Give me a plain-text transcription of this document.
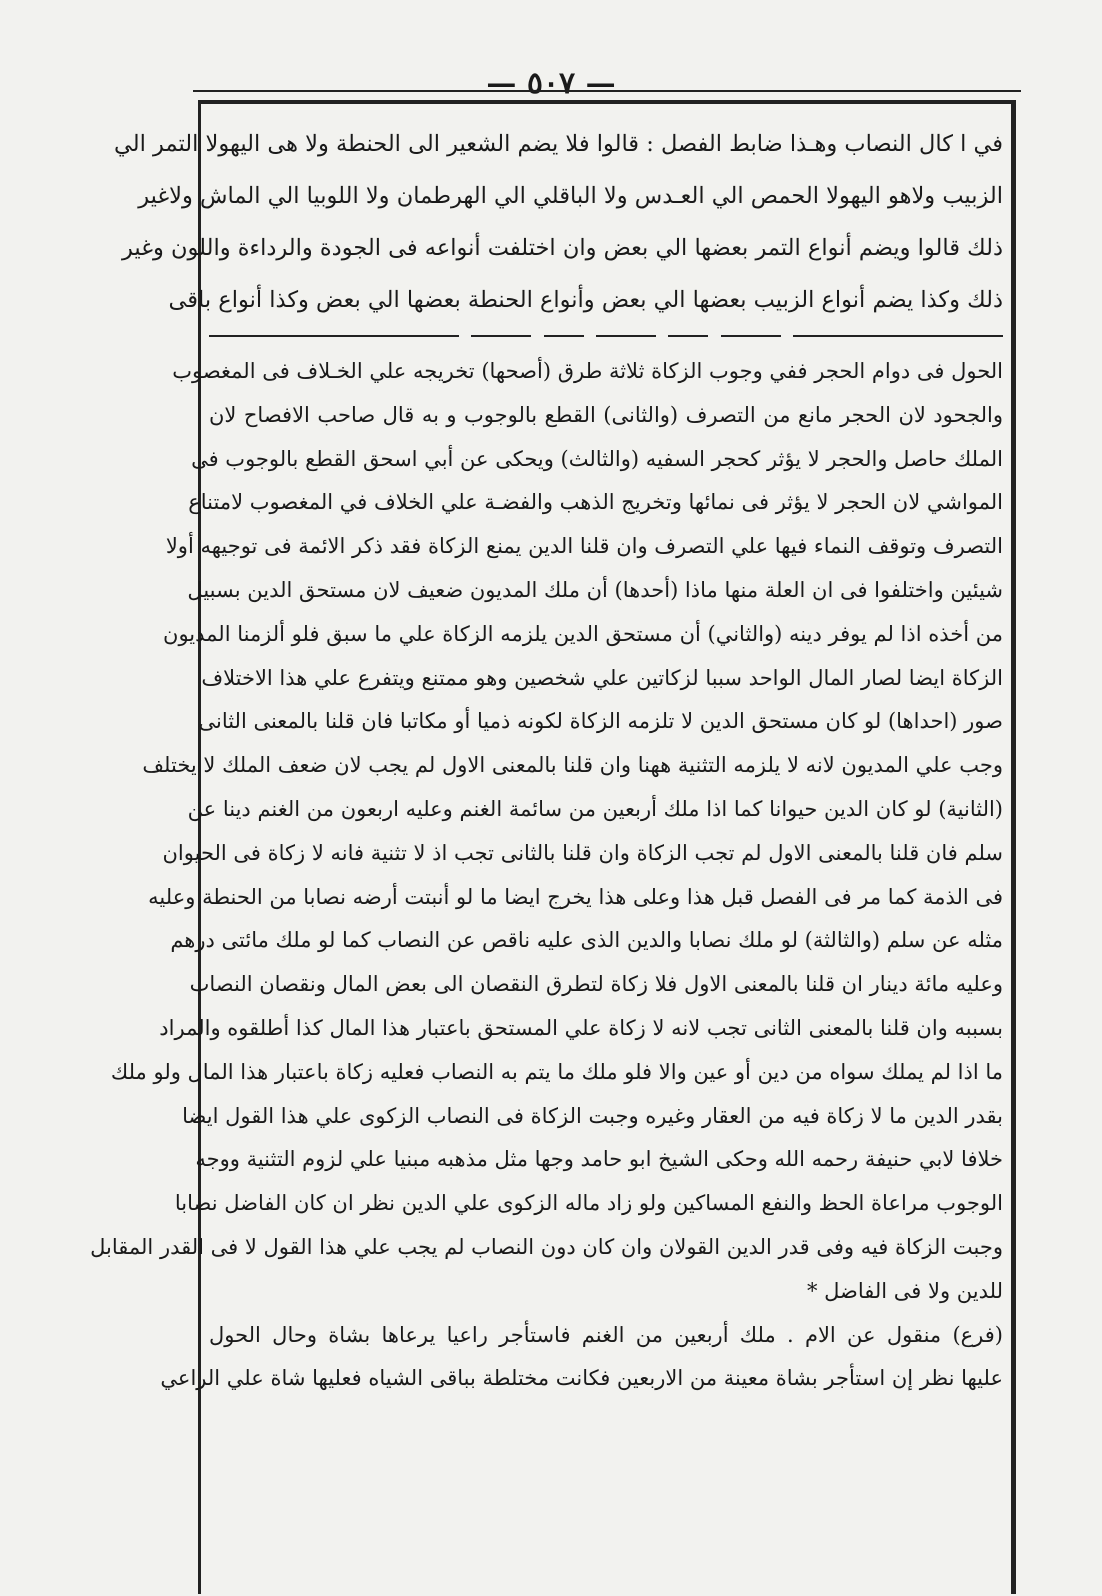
— ٥٠٧ —
في ا كال النصاب وهـذا ضابط الفصل : قالوا فلا يضم الشعير الى الحنطة ولا هى اليهولا التمر الي
الزبيب ولاهو اليهولا الحمص الي العـدس ولا الباقلي الي الهرطمان ولا اللوبيا الي الماش ولاغير
ذلك قالوا ويضم أنواع التمر بعضها الي بعض وان اختلفت أنواعه فى الجودة والرداءة واللون وغير
ذلك وكذا يضم أنواع الزبيب بعضها الي بعض وأنواع الحنطة بعضها الي بعض وكذا أنواع باقى
الحول فى دوام الحجر ففي وجوب الزكاة ثلاثة طرق (أصحها) تخريجه علي الخـلاف فى المغصوب
والجحود لان الحجر مانع من التصرف (والثانى) القطع بالوجوب و به قال صاحب الافصاح لان
الملك حاصل والحجر لا يؤثر كحجر السفيه (والثالث) ويحكى عن أبي اسحق القطع بالوجوب فى
المواشي لان الحجر لا يؤثر فى نمائها وتخريج الذهب والفضـة علي الخلاف في المغصوب لامتناع
التصرف وتوقف النماء فيها علي التصرف وان قلنا الدين يمنع الزكاة فقد ذكر الائمة فى توجيهه أولا
شيئين واختلفوا فى ان العلة منها ماذا (أحدها) أن ملك المديون ضعيف لان مستحق الدين بسبيل
من أخذه اذا لم يوفر دينه (والثاني) أن مستحق الدين يلزمه الزكاة علي ما سبق فلو ألزمنا المديون
الزكاة ايضا لصار المال الواحد سببا لزكاتين علي شخصين وهو ممتنع ويتفرع علي هذا الاختلاف
صور (احداها) لو كان مستحق الدين لا تلزمه الزكاة لكونه ذميا أو مكاتبا فان قلنا بالمعنى الثانى
وجب علي المديون لانه لا يلزمه التثنية ههنا وان قلنا بالمعنى الاول لم يجب لان ضعف الملك لا يختلف
(الثانية) لو كان الدين حيوانا كما اذا ملك أربعين من سائمة الغنم وعليه اربعون من الغنم دينا عن
سلم فان قلنا بالمعنى الاول لم تجب الزكاة وان قلنا بالثانى تجب اذ لا تثنية فانه لا زكاة فى الحيوان
فى الذمة كما مر فى الفصل قبل هذا وعلى هذا يخرج ايضا ما لو أنبتت أرضه نصابا من الحنطة وعليه
مثله عن سلم (والثالثة) لو ملك نصابا والدين الذى عليه ناقص عن النصاب كما لو ملك مائتى درهم
وعليه مائة دينار ان قلنا بالمعنى الاول فلا زكاة لتطرق النقصان الى بعض المال ونقصان النصاب
بسببه وان قلنا بالمعنى الثانى تجب لانه لا زكاة علي المستحق باعتبار هذا المال كذا أطلقوه والمراد
ما اذا لم يملك سواه من دين أو عين والا فلو ملك ما يتم به النصاب فعليه زكاة باعتبار هذا المال ولو ملك
بقدر الدين ما لا زكاة فيه من العقار وغيره وجبت الزكاة فى النصاب الزكوى علي هذا القول ايضا
خلافا لابي حنيفة رحمه الله وحكى الشيخ ابو حامد وجها مثل مذهبه مبنيا علي لزوم التثنية ووجه
الوجوب مراعاة الحظ والنفع المساكين ولو زاد ماله الزكوى علي الدين نظر ان كان الفاضل نصابا
وجبت الزكاة فيه وفى قدر الدين القولان وان كان دون النصاب لم يجب علي هذا القول لا فى القدر المقابل
للدين ولا فى الفاضل *
(فرع) منقول عن الام . ملك أربعين من الغنم فاستأجر راعيا يرعاها بشاة وحال الحول
عليها نظر إن استأجر بشاة معينة من الاربعين فكانت مختلطة بباقى الشياه فعليها شاة علي الراعي
